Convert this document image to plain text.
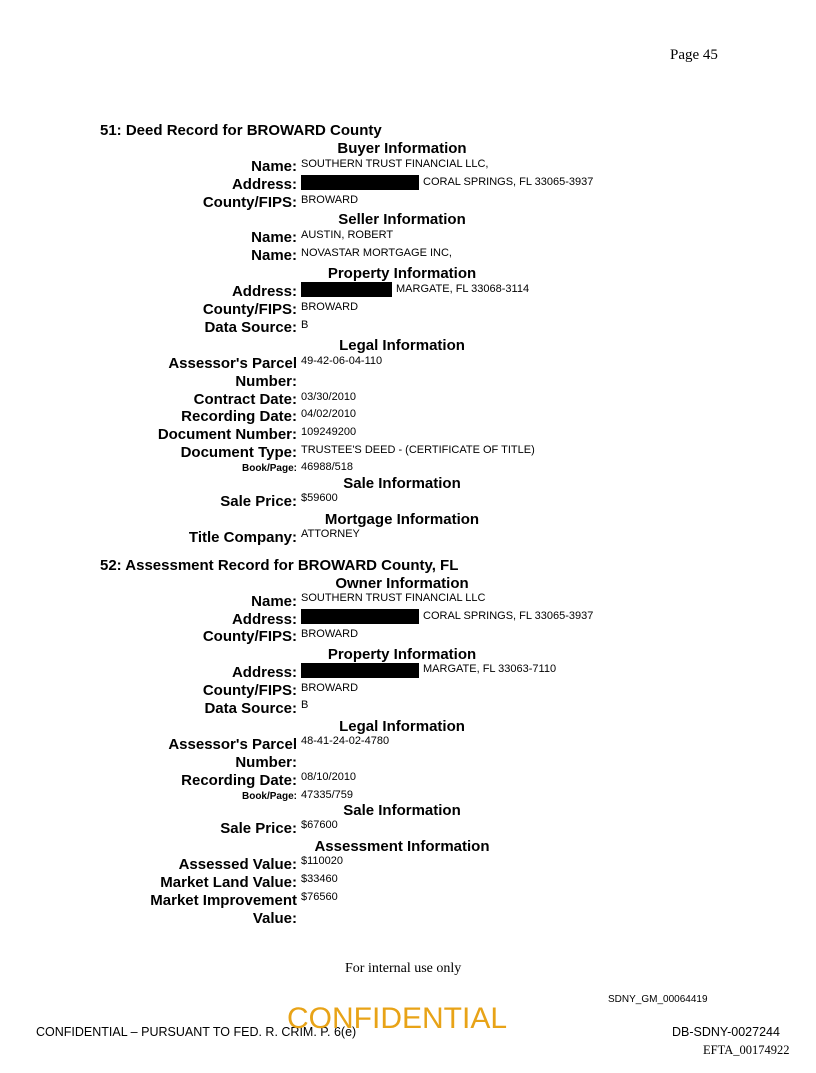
Page 45
51: Deed Record for BROWARD County
Buyer Information
Name: SOUTHERN TRUST FINANCIAL LLC,
Address:	CORAL SPRINGS, FL 33065-3937
County/FIPS: BROWARD
Seller Information
Name: AUSTIN, ROBERT
Name: NOVASTAR MORTGAGE INC,
Property Information
Address:	MARGATE, FL 33068-3114
County/FIPS: BROWARD
Data Source: B
Legal Information
Assessor's Parcel 49-42-06-04-110
Number:
Contract Date: 03/30/2010
Recording Date: 04/02/2010
Document Number: 109249200
Document Type: TRUSTEE'S DEED - (CERTIFICATE OF TITLE)
Book/Page: 46988/518
Sale Information
Sale Price: $59600
Mortgage Information
Title Company: ATTORNEY
52: Assessment Record for BROWARD County, FL
Owner Information
Name: SOUTHERN TRUST FINANCIAL LLC
Address:	CORAL SPRINGS, FL 33065-3937
County/FIPS: BROWARD
Property Information
Address:	MARGATE, FL 33063-7110
County/FIPS: BROWARD
Data Source: B
Legal Information
Assessor's Parcel 48-41-24-02-4780
Number:
Recording Date: 08/10/2010
Book/Page: 47335/759
Sale Information
Sale Price: $67600
Assessment Information
Assessed Value: $110020
Market Land Value: $33460
Market Improvement $76560
Value:
For internal use only
SDNY_GM_00064419
CONFIDENTIAL – PURSUANT TO FED. R. CRIM. P. 6(e)
CONFIDENTIAL	DB-SDNY-0027244
EFTA_00174922
